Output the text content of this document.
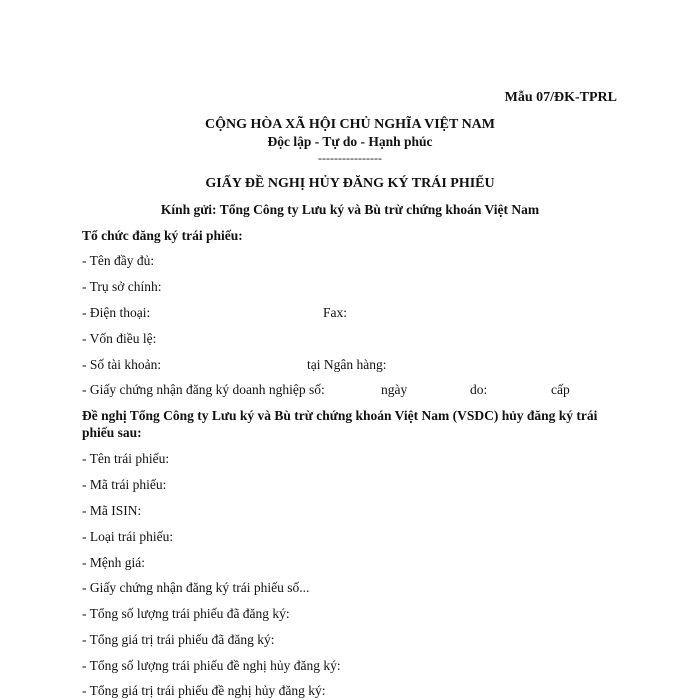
Mẫu 07/ĐK-TPRL
CỘNG HÒA XÃ HỘI CHỦ NGHĨA VIỆT NAM
Độc lập - Tự do - Hạnh phúc
----------------
GIẤY ĐỀ NGHỊ HỦY ĐĂNG KÝ TRÁI PHIẾU
Kính gửi: Tổng Công ty Lưu ký và Bù trừ chứng khoán Việt Nam
Tổ chức đăng ký trái phiếu:
- Tên đầy đủ:
- Trụ sở chính:
- Điện thoại:	Fax:
- Vốn điều lệ:
- Số tài khoản:	tại Ngân hàng:
- Giấy chứng nhận đăng ký doanh nghiệp số:	ngày	do:	cấp
Đề nghị Tổng Công ty Lưu ký và Bù trừ chứng khoán Việt Nam (VSDC) hủy đăng ký trái phiếu sau:
- Tên trái phiếu:
- Mã trái phiếu:
- Mã ISIN:
- Loại trái phiếu:
- Mệnh giá:
- Giấy chứng nhận đăng ký trái phiếu số...
- Tổng số lượng trái phiếu đã đăng ký:
- Tổng giá trị trái phiếu đã đăng ký:
- Tổng số lượng trái phiếu đề nghị hủy đăng ký:
- Tổng giá trị trái phiếu đề nghị hủy đăng ký:
